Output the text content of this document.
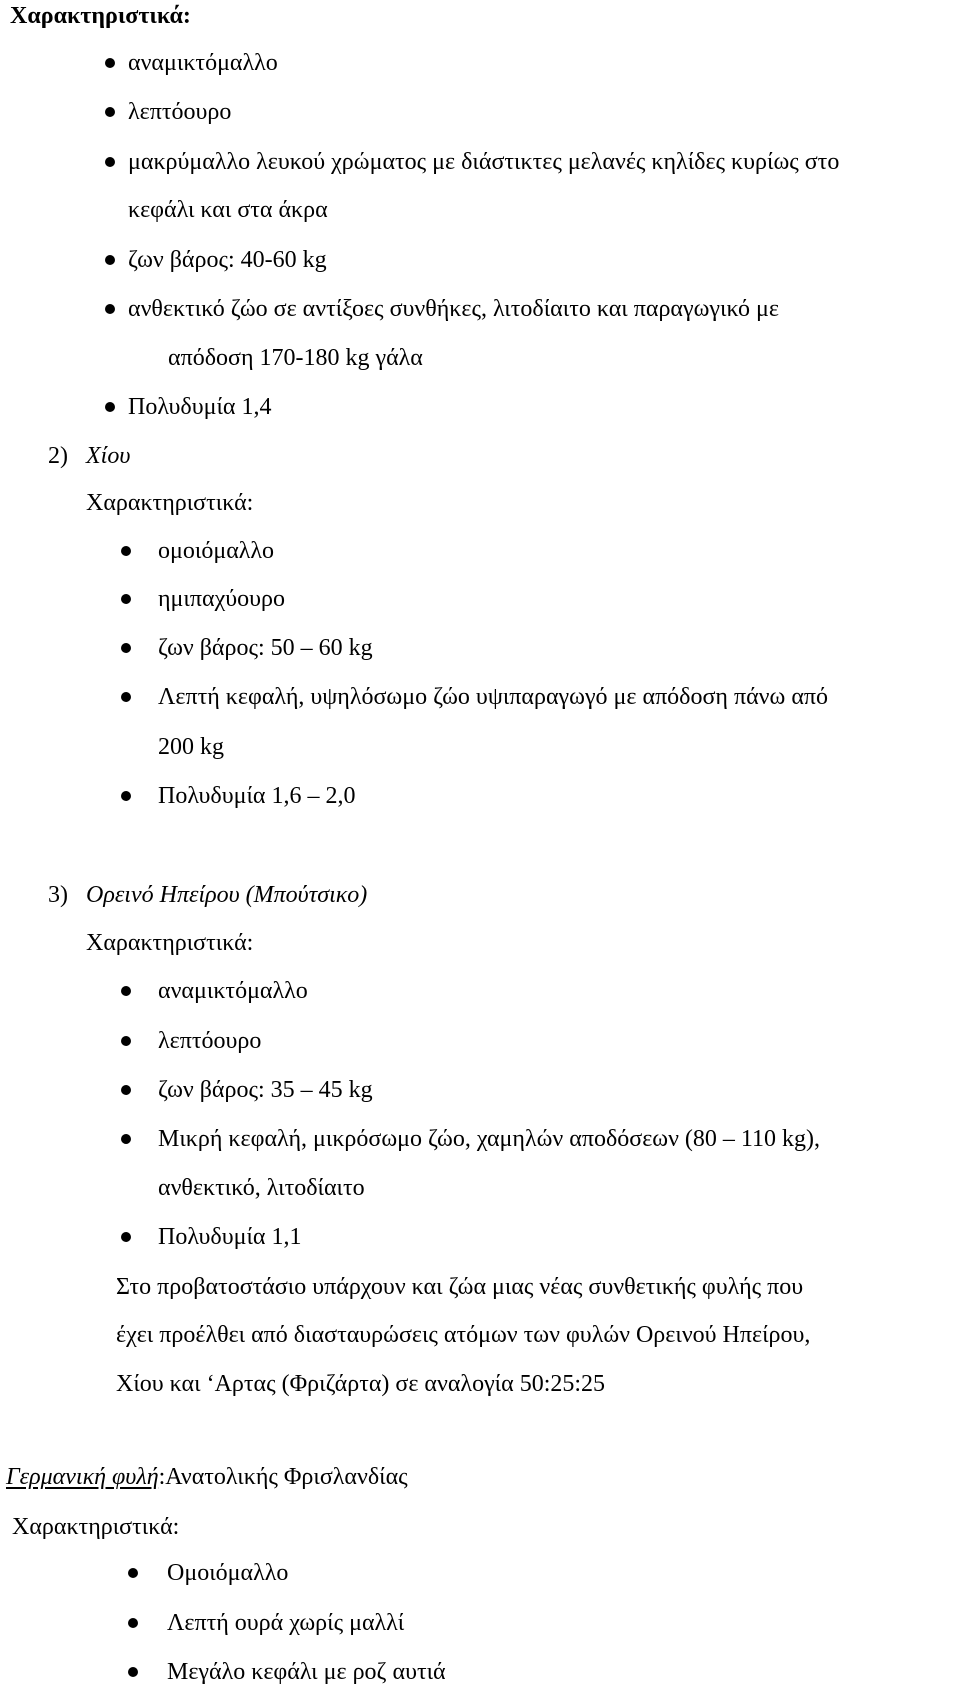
Χαρακτηριστικά:
αναμικτόμαλλο
λεπτόουρο
μακρύμαλλο λευκού χρώματος με διάστικτες μελανές κηλίδες κυρίως στο
κεφάλι και στα άκρα
ζων βάρος: 40-60 kg
ανθεκτικό ζώο σε αντίξοες συνθήκες, λιτοδίαιτο και παραγωγικό με
απόδοση 170-180 kg γάλα
Πολυδυμία 1,4
2) Χίου
Χαρακτηριστικά:
ομοιόμαλλο
ημιπαχύουρο
ζων βάρος: 50 – 60 kg
Λεπτή κεφαλή, υψηλόσωμο ζώο υψιπαραγωγό με απόδοση πάνω από
200 kg
Πολυδυμία 1,6 – 2,0
3) Ορεινό Ηπείρου (Μπούτσικο)
Χαρακτηριστικά:
αναμικτόμαλλο
λεπτόουρο
ζων βάρος: 35 – 45 kg
Μικρή κεφαλή, μικρόσωμο ζώο, χαμηλών αποδόσεων (80 – 110 kg),
ανθεκτικό, λιτοδίαιτο
Πολυδυμία 1,1
Στο προβατοστάσιο υπάρχουν και ζώα μιας νέας συνθετικής φυλής που
έχει προέλθει από διασταυρώσεις ατόμων των φυλών Ορεινού Ηπείρου,
Χίου και ‘Αρτας (Φριζάρτα) σε αναλογία 50:25:25
Γερμανική φυλή:Ανατολικής Φρισλανδίας
Χαρακτηριστικά:
Ομοιόμαλλο
Λεπτή ουρά χωρίς μαλλί
Μεγάλο κεφάλι με ροζ αυτιά
